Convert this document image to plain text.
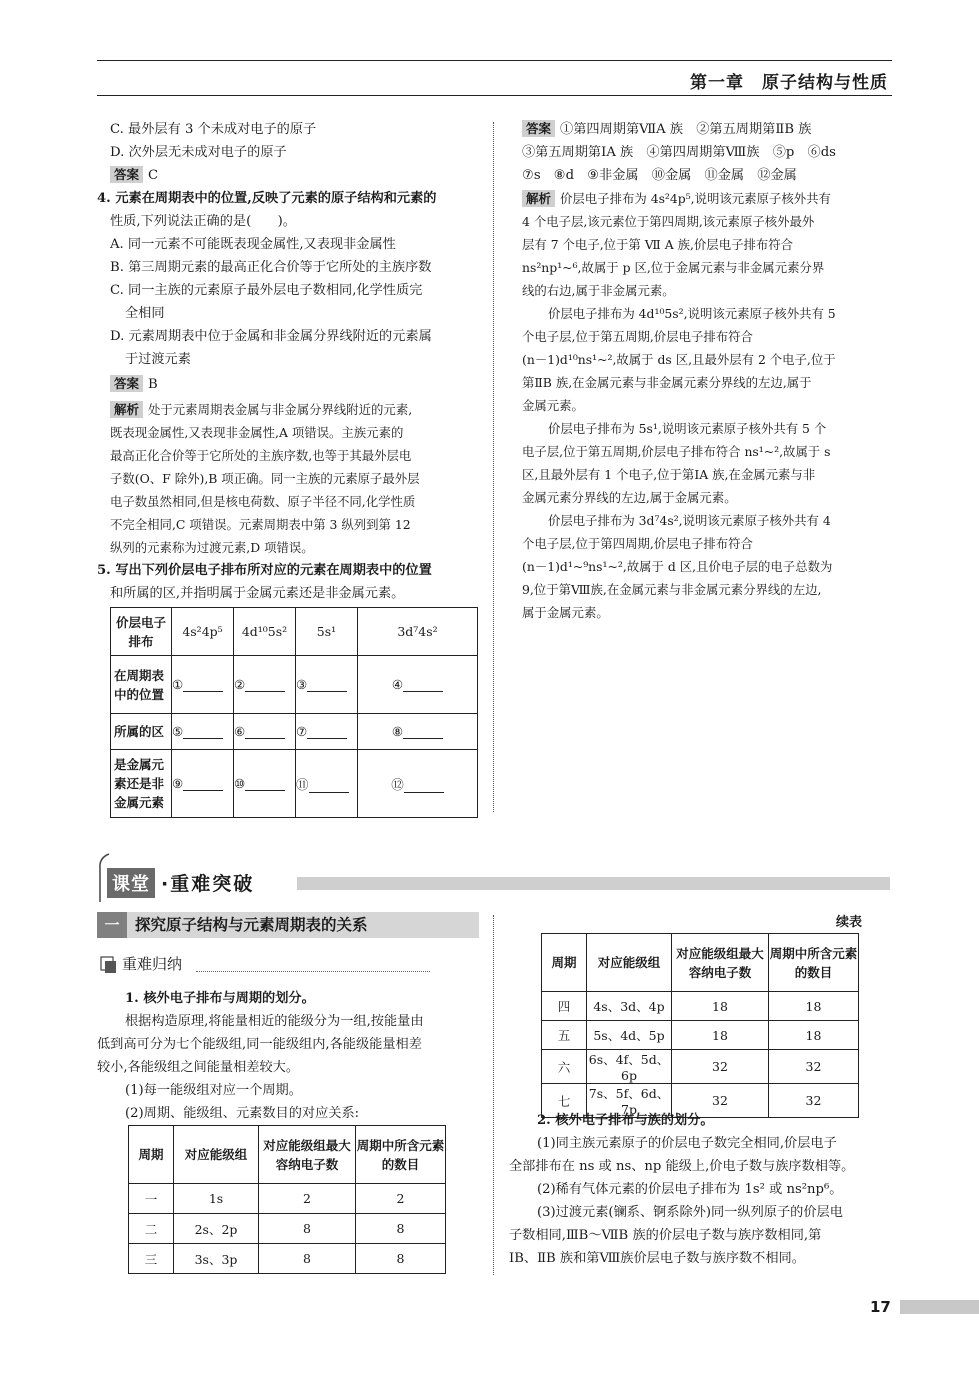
第一章　原子结构与性质

C. 最外层有 3 个未成对电子的原子

D. 次外层无未成对电子的原子

答案 C

4. 元素在周期表中的位置,反映了元素的原子结构和元素的

性质,下列说法正确的是(　　)。

A. 同一元素不可能既表现金属性,又表现非金属性

B. 第三周期元素的最高正化合价等于它所处的主族序数

C. 同一主族的元素原子最外层电子数相同,化学性质完

全相同

D. 元素周期表中位于金属和非金属分界线附近的元素属

于过渡元素

答案 B

解析 处于元素周期表金属与非金属分界线附近的元素,

既表现金属性,又表现非金属性,A 项错误。主族元素的

最高正化合价等于它所处的主族序数,也等于其最外层电

子数(O、F 除外),B 项正确。同一主族的元素原子最外层

电子数虽然相同,但是核电荷数、原子半径不同,化学性质

不完全相同,C 项错误。元素周期表中第 3 纵列到第 12

纵列的元素称为过渡元素,D 项错误。

5. 写出下列价层电子排布所对应的元素在周期表中的位置

和所属的区,并指明属于金属元素还是非金属元素。

价层电子排布	4s²4p⁵	4d¹⁰5s²	5s¹	3d⁷4s²
在周期表中的位置	①	②	③	④
所属的区	⑤	⑥	⑦	⑧
是金属元素还是非金属元素	⑨	⑩	⑪	⑫

答案 ①第四周期第ⅦA 族　②第五周期第ⅡB 族

③第五周期第ⅠA 族　④第四周期第Ⅷ族　⑤p　⑥ds

⑦s　⑧d　⑨非金属　⑩金属　⑪金属　⑫金属

解析 价层电子排布为 4s²4p⁵,说明该元素原子核外共有

4 个电子层,该元素位于第四周期,该元素原子核外最外

层有 7 个电子,位于第 Ⅶ A 族,价层电子排布符合

ns²np¹~⁶,故属于 p 区,位于金属元素与非金属元素分界

线的右边,属于非金属元素。

价层电子排布为 4d¹⁰5s²,说明该元素原子核外共有 5

个电子层,位于第五周期,价层电子排布符合

(n－1)d¹⁰ns¹~²,故属于 ds 区,且最外层有 2 个电子,位于

第ⅡB 族,在金属元素与非金属元素分界线的左边,属于

金属元素。

价层电子排布为 5s¹,说明该元素原子核外共有 5 个

电子层,位于第五周期,价层电子排布符合 ns¹~²,故属于 s

区,且最外层有 1 个电子,位于第ⅠA 族,在金属元素与非

金属元素分界线的左边,属于金属元素。

价层电子排布为 3d⁷4s²,说明该元素原子核外共有 4

个电子层,位于第四周期,价层电子排布符合

(n－1)d¹~⁹ns¹~²,故属于 d 区,且价电子层的电子总数为

9,位于第Ⅷ族,在金属元素与非金属元素分界线的左边,

属于金属元素。

课堂 ·重难突破
一	探究原子结构与元素周期表的关系
重难归纳

1. 核外电子排布与周期的划分。

根据构造原理,将能量相近的能级分为一组,按能量由

低到高可分为七个能级组,同一能级组内,各能级能量相差

较小,各能级组之间能量相差较大。

(1)每一能级组对应一个周期。

(2)周期、能级组、元素数目的对应关系:

周期	对应能级组	对应能级组最大容纳电子数	周期中所含元素的数目
一	1s	2	2
二	2s、2p	8	8
三	3s、3p	8	8
续表
周期	对应能级组	对应能级组最大容纳电子数	周期中所含元素的数目
四	4s、3d、4p	18	18
五	5s、4d、5p	18	18
六	6s、4f、5d、6p	32	32
七	7s、5f、6d、7p	32	32

2. 核外电子排布与族的划分。

(1)同主族元素原子的价层电子数完全相同,价层电子

全部排布在 ns 或 ns、np 能级上,价电子数与族序数相等。

(2)稀有气体元素的价层电子排布为 1s² 或 ns²np⁶。

(3)过渡元素(镧系、锕系除外)同一纵列原子的价层电

子数相同,ⅢB～ⅦB 族的价层电子数与族序数相同,第

ⅠB、ⅡB 族和第Ⅷ族价层电子数与族序数不相同。

17
